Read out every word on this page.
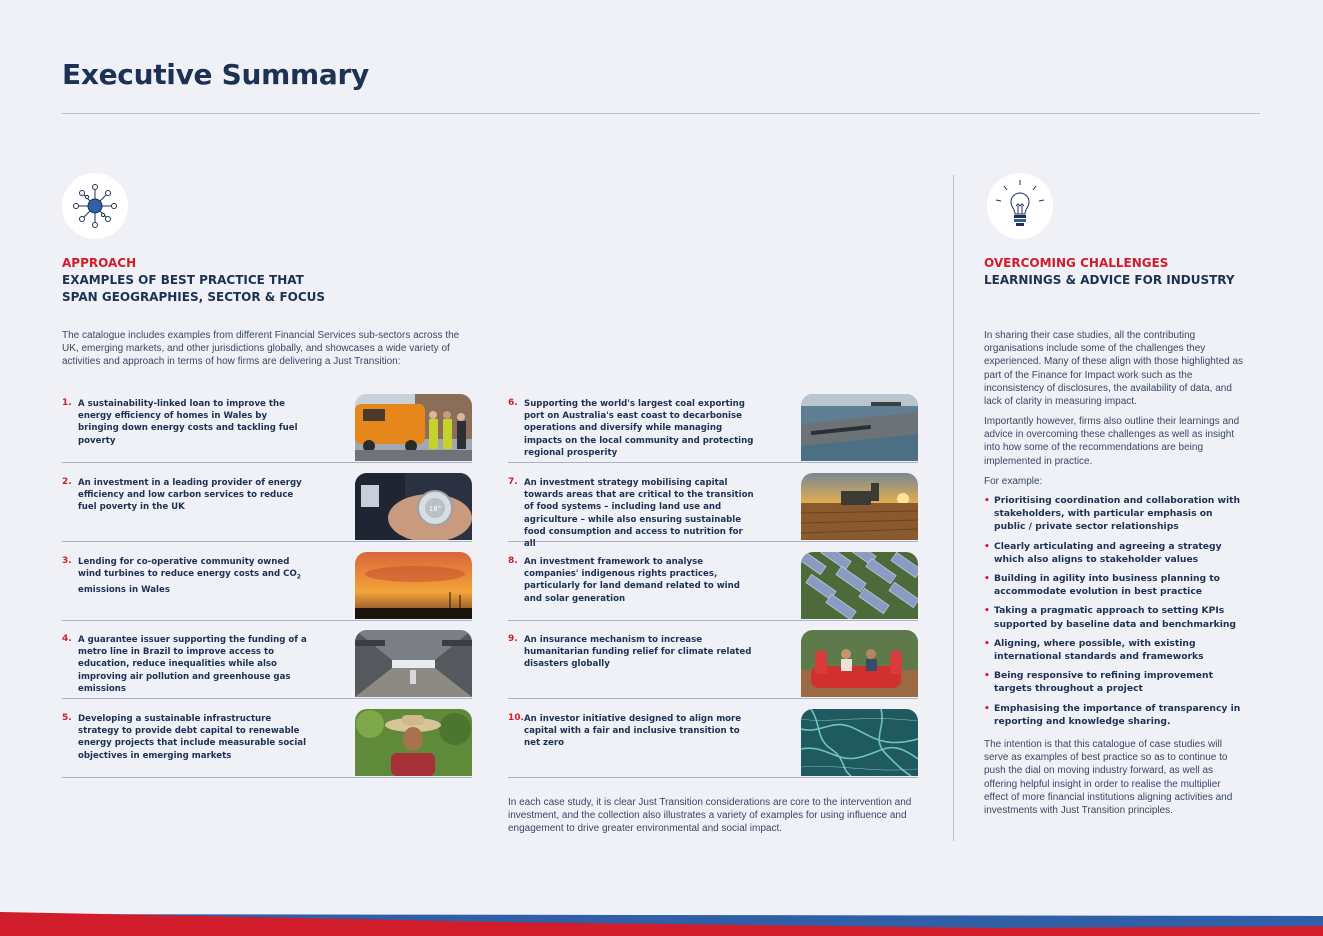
Executive Summary
APPROACH
EXAMPLES OF BEST PRACTICE THAT
SPAN GEOGRAPHIES, SECTOR & FOCUS
The catalogue includes examples from different Financial Services sub-sectors across the UK, emerging markets, and other jurisdictions globally, and showcases a wide variety of activities and approach in terms of how firms are delivering a Just Transition:
1. A sustainability-linked loan to improve the energy efficiency of homes in Wales by bringing down energy costs and tackling fuel poverty
2. An investment in a leading provider of energy efficiency and low carbon services to reduce fuel poverty in the UK	18°
3. Lending for co-operative community owned wind turbines to reduce energy costs and $CO_2$ emissions in Wales
4. A guarantee issuer supporting the funding of a metro line in Brazil to improve access to education, reduce inequalities while also improving air pollution and greenhouse gas emissions
5. Developing a sustainable infrastructure strategy to provide debt capital to renewable energy projects that include measurable social objectives in emerging markets
6. Supporting the world's largest coal exporting port on Australia's east coast to decarbonise operations and diversify while managing impacts on the local community and protecting regional prosperity
7. An investment strategy mobilising capital towards areas that are critical to the transition of food systems – including land use and agriculture – while also ensuring sustainable food consumption and access to nutrition for all
8. An investment framework to analyse companies' indigenous rights practices, particularly for land demand related to wind and solar generation
9. An insurance mechanism to increase humanitarian funding relief for climate related disasters globally
10. An investor initiative designed to align more capital with a fair and inclusive transition to net zero
In each case study, it is clear Just Transition considerations are core to the intervention and investment, and the collection also illustrates a variety of examples for using influence and engagement to drive greater environmental and social impact.
OVERCOMING CHALLENGES
LEARNINGS & ADVICE FOR INDUSTRY
In sharing their case studies, all the contributing organisations include some of the challenges they experienced. Many of these align with those highlighted as part of the Finance for Impact work such as the inconsistency of disclosures, the availability of data, and lack of clarity in measuring impact.
Importantly however, firms also outline their learnings and advice in overcoming these challenges as well as insight into how some of the recommendations are being implemented in practice.
For example:
• Prioritising coordination and collaboration with stakeholders, with particular emphasis on public / private sector relationships
• Clearly articulating and agreeing a strategy which also aligns to stakeholder values
• Building in agility into business planning to accommodate evolution in best practice
• Taking a pragmatic approach to setting KPIs supported by baseline data and benchmarking
• Aligning, where possible, with existing international standards and frameworks
• Being responsive to refining improvement targets throughout a project
• Emphasising the importance of transparency in reporting and knowledge sharing.
The intention is that this catalogue of case studies will serve as examples of best practice so as to continue to push the dial on moving industry forward, as well as offering helpful insight in order to realise the multiplier effect of more financial institutions aligning activities and investments with Just Transition principles.
